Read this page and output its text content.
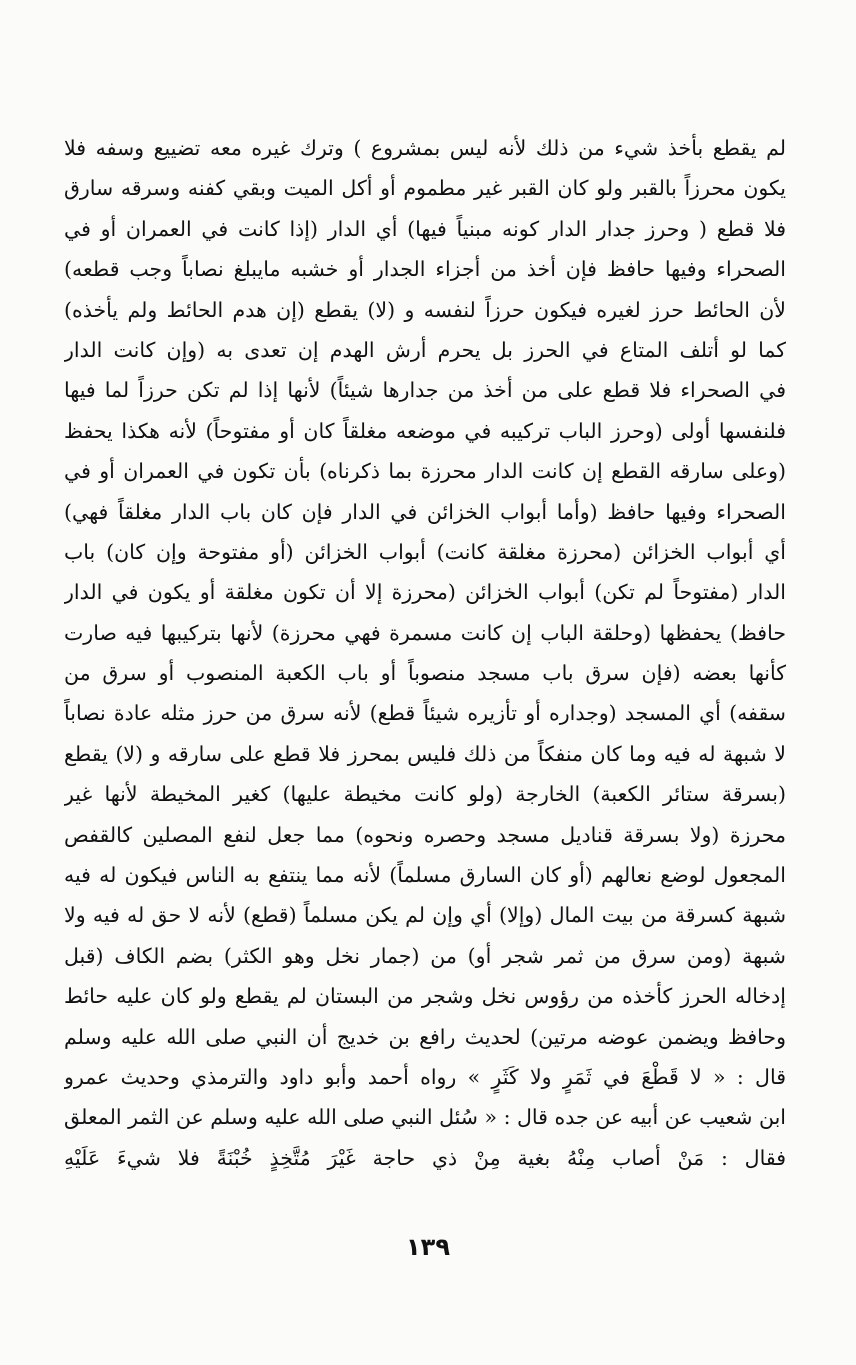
لم يقطع بأخذ شيء من ذلك لأنه ليس بمشروع ) وترك غيره معه تضييع وسفه فلا
يكون محرزاً بالقبر ولو كان القبر غير مطموم أو أكل الميت وبقي كفنه وسرقه سارق
فلا قطع ( وحرز جدار الدار كونه مبنياً فيها) أي الدار (إذا كانت في العمران أو في
الصحراء وفيها حافظ فإن أخذ من أجزاء الجدار أو خشبه مايبلغ نصاباً وجب قطعه)
لأن الحائط حرز لغيره فيكون حرزاً لنفسه و (لا) يقطع (إن هدم الحائط ولم يأخذه)
كما لو أتلف المتاع في الحرز بل يحرم أرش الهدم إن تعدى به (وإن كانت الدار
في الصحراء فلا قطع على من أخذ من جدارها شيئاً) لأنها إذا لم تكن حرزاً لما فيها
فلنفسها أولى (وحرز الباب تركيبه في موضعه مغلقاً كان أو مفتوحاً) لأنه هكذا يحفظ
(وعلى سارقه القطع إن كانت الدار محرزة بما ذكرناه) بأن تكون في العمران أو في
الصحراء وفيها حافظ (وأما أبواب الخزائن في الدار فإن كان باب الدار مغلقاً فهي)
أي أبواب الخزائن (محرزة مغلقة كانت) أبواب الخزائن (أو مفتوحة وإن كان) باب
الدار (مفتوحاً لم تكن) أبواب الخزائن (محرزة إلا أن تكون مغلقة أو يكون في الدار
حافظ) يحفظها (وحلقة الباب إن كانت مسمرة فهي محرزة) لأنها بتركيبها فيه صارت
كأنها بعضه (فإن سرق باب مسجد منصوباً أو باب الكعبة المنصوب أو سرق من
سقفه) أي المسجد (وجداره أو تأزيره شيئاً قطع) لأنه سرق من حرز مثله عادة نصاباً
لا شبهة له فيه وما كان منفكاً من ذلك فليس بمحرز فلا قطع على سارقه و (لا) يقطع
(بسرقة ستائر الكعبة) الخارجة (ولو كانت مخيطة عليها) كغير المخيطة لأنها غير
محرزة (ولا بسرقة قناديل مسجد وحصره ونحوه) مما جعل لنفع المصلين كالقفص
المجعول لوضع نعالهم (أو كان السارق مسلماً) لأنه مما ينتفع به الناس فيكون له فيه
شبهة كسرقة من بيت المال (وإلا) أي وإن لم يكن مسلماً (قطع) لأنه لا حق له فيه ولا
شبهة (ومن سرق من ثمر شجر أو) من (جمار نخل وهو الكثر) بضم الكاف (قبل
إدخاله الحرز كأخذه من رؤوس نخل وشجر من البستان لم يقطع ولو كان عليه حائط
وحافظ ويضمن عوضه مرتين) لحديث رافع بن خديج أن النبي صلى الله عليه وسلم
قال : « لا قَطْعَ في ثَمَرٍ ولا كَثَرٍ » رواه أحمد وأبو داود والترمذي وحديث عمرو
ابن شعيب عن أبيه عن جده قال : « سُئل النبي صلى الله عليه وسلم عن الثمر المعلق
فقال : مَنْ أصاب مِنْهُ بغية مِنْ ذي حاجة غَيْرَ مُتَّخِذٍ خُبْنَةً فلا شيءَ عَلَيْهِ
١٣٩
